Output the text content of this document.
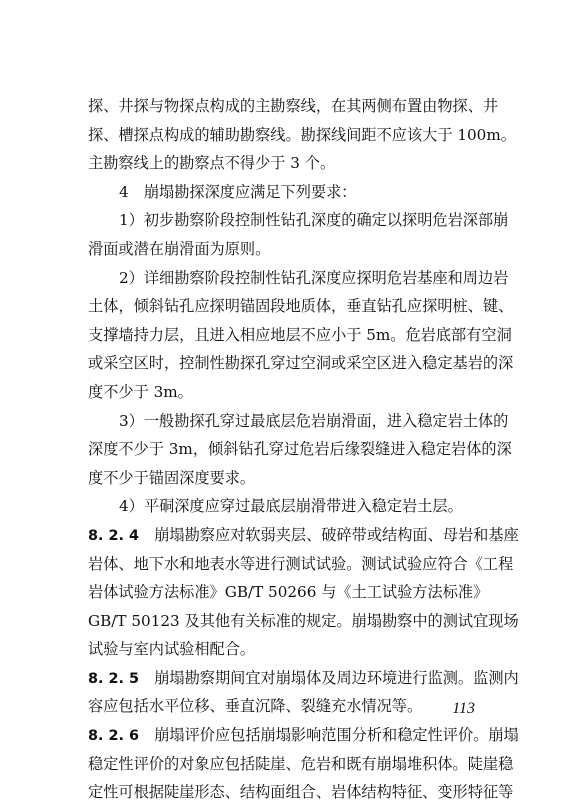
探、井探与物探点构成的主勘察线，在其两侧布置由物探、井
探、槽探点构成的辅助勘察线。勘探线间距不应该大于 100m。
主勘察线上的勘察点不得少于 3 个。
4　崩塌勘探深度应满足下列要求：
1）初步勘察阶段控制性钻孔深度的确定以探明危岩深部崩
滑面或潜在崩滑面为原则。
2）详细勘察阶段控制性钻孔深度应探明危岩基座和周边岩
土体，倾斜钻孔应探明锚固段地质体，垂直钻孔应探明桩、键、
支撑墙持力层，且进入相应地层不应小于 5m。危岩底部有空洞
或采空区时，控制性勘探孔穿过空洞或采空区进入稳定基岩的深
度不少于 3m。
3）一般勘探孔穿过最底层危岩崩滑面，进入稳定岩土体的
深度不少于 3m，倾斜钻孔穿过危岩后缘裂缝进入稳定岩体的深
度不少于锚固深度要求。
4）平硐深度应穿过最底层崩滑带进入稳定岩土层。
8. 2. 4　崩塌勘察应对软弱夹层、破碎带或结构面、母岩和基座
岩体、地下水和地表水等进行测试试验。测试试验应符合《工程
岩体试验方法标准》GB/T 50266 与《土工试验方法标准》
GB/T 50123 及其他有关标准的规定。崩塌勘察中的测试宜现场
试验与室内试验相配合。
8. 2. 5　崩塌勘察期间宜对崩塌体及周边环境进行监测。监测内
容应包括水平位移、垂直沉降、裂缝充水情况等。
8. 2. 6　崩塌评价应包括崩塌影响范围分析和稳定性评价。崩塌
稳定性评价的对象应包括陡崖、危岩和既有崩塌堆积体。陡崖稳
定性可根据陡崖形态、结构面组合、岩体结构特征、变形特征等
113
